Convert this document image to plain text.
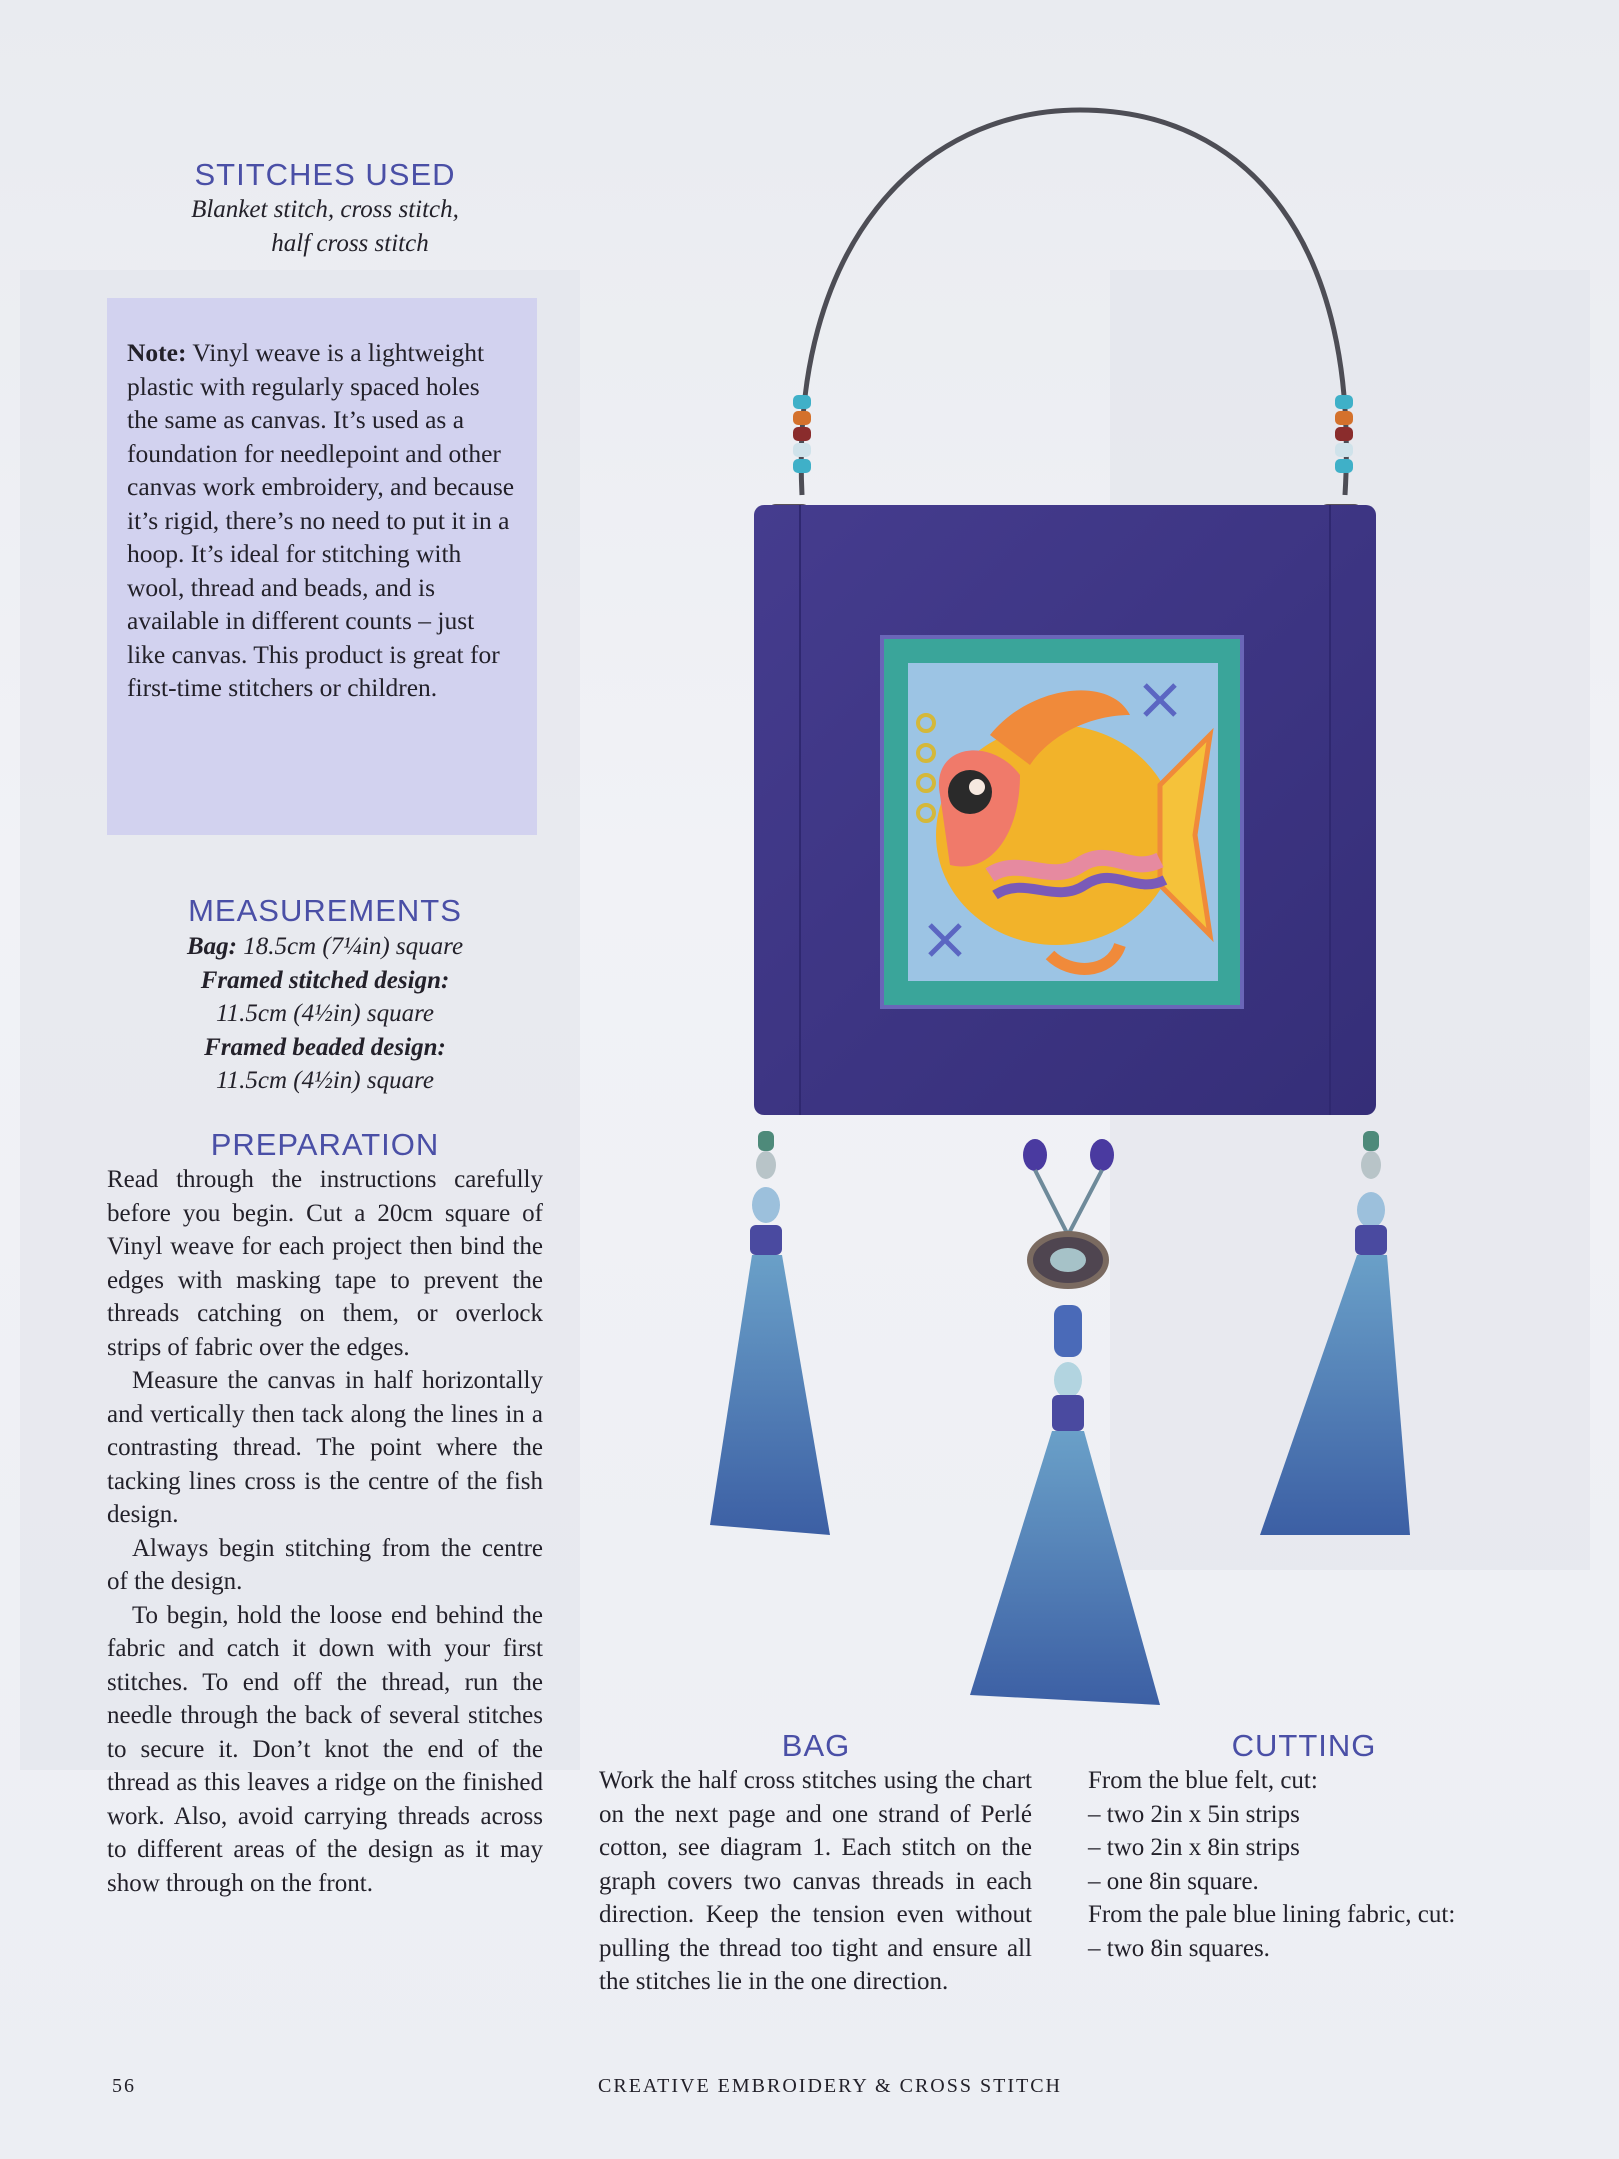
STITCHES USED
Blanket stitch, cross stitch,
half cross stitch
Note: Vinyl weave is a lightweight plastic with regularly spaced holes the same as canvas. It’s used as a foundation for needlepoint and other canvas work embroidery, and because it’s rigid, there’s no need to put it in a hoop. It’s ideal for stitching with wool, thread and beads, and is available in different counts – just like canvas. This product is great for first-time stitchers or children.
MEASUREMENTS
Bag: 18.5cm (7¼in) square
Framed stitched design:
11.5cm (4½in) square
Framed beaded design:
11.5cm (4½in) square
PREPARATION

Read through the instructions carefully before you begin. Cut a 20cm square of Vinyl weave for each project then bind the edges with masking tape to prevent the threads catching on them, or overlock strips of fabric over the edges.

Measure the canvas in half horizontally and vertically then tack along the lines in a contrasting thread. The point where the tacking lines cross is the centre of the fish design.

Always begin stitching from the centre of the design.

To begin, hold the loose end behind the fabric and catch it down with your first stitches. To end off the thread, run the needle through the back of several stitches to secure it. Don’t knot the end of the thread as this leaves a ridge on the finished work. Also, avoid carrying threads across to different areas of the design as it may show through on the front.

BAG
Work the half cross stitches using the chart on the next page and one strand of Perlé cotton, see diagram 1. Each stitch on the graph covers two canvas threads in each direction. Keep the tension even without pulling the thread too tight and ensure all the stitches lie in the one direction.
CUTTING
From the blue felt, cut:
– two 2in x 5in strips
– two 2in x 8in strips
– one 8in square.
From the pale blue lining fabric, cut:
– two 8in squares.
56	CREATIVE EMBROIDERY & CROSS STITCH
